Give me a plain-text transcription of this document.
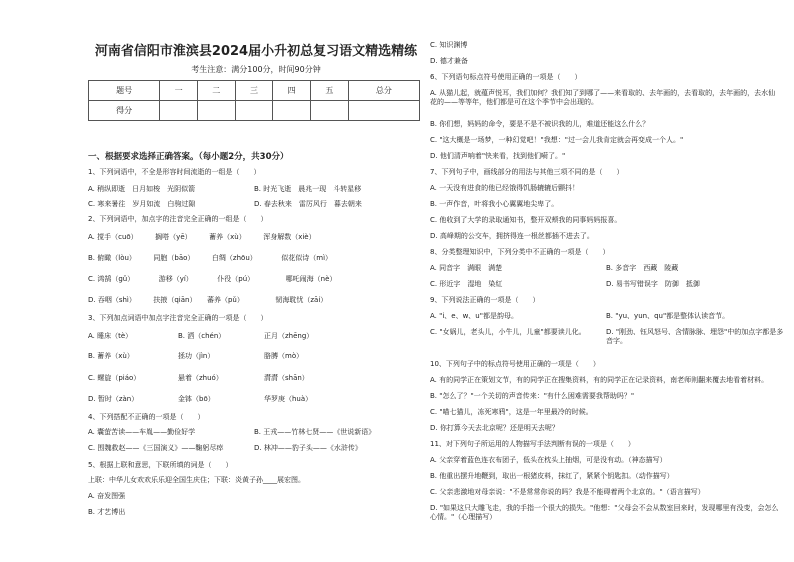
河南省信阳市淮滨县2024届小升初总复习语文精选精练
考生注意：满分100分，时间90分钟
题号	一	二	三	四	五	总分
得分						
一、根据要求选择正确答案。（每小题2分，共30分）
1、下列词语中，不全是形容时间流逝的一组是（　　）
A. 稍纵即逝　日月如梭　光阴似箭	B. 时光飞逝　晨兆一现　斗转星移
C. 寒来暑往　岁月如流　白驹过隙	D. 春去秋来　雷厉风行　暮去朝来
2、下列词语中，加点字的注音完全正确的一组是（　　）
A. 搅手（cuō）　　　搁嗒（yē）　　　蓄养（xù）　　　浑身解数（xiè）
B. 俯瞰（lòu）　　　同胞（bāo）　　　白绸（zhōu）　　　　似花似诗（mì）
C. 鸿鹄（gǔ）　　　　游移（yí）　　　　仆役（pú）　　　　　哪吒闹海（nè）
D. 吞咽（shì）　　　扶掖（qiān）　　蕃养（pǔ）　　　　　韧海耽忧（zāi）
3、下列加点词语中加点字注音完全正确的一项是（　　）
A. 睡床（tè）	B. 洒（chén）	正月（zhēng）
B. 蓄养（xù）	拯功（jìn）	胳膊（mò）
C. 螺旋（piáo）	悬着（zhuó）	潸潸（shān）
D. 暂时（zàn）	金钵（bō）	华罗庚（huà）
4、下列搭配不正确的一项是（　　）
A. 囊萤苦读——车胤——勤俭好学	B. 王戎——竹林七贤——《世说新语》
C. 围魏救赵——《三国演义》——鞠躬尽瘁	D. 林冲——豹子头——《水浒传》
5、根据上联和意思，下联所填的词是（　　）
上联：中华儿女欢欢乐乐迎全国生庆住；下联：炎黄子孙____展宏图。
A. 奋发图强
B. 才艺博出
C. 知识渊博
D. 德才兼备
6、下列语句标点符号使用正确的一项是（　　）
A. 从猫儿起，就蕴声悦耳，我们加何？我们知了到哪了——来看取的、去年画的，去看取的，去年画的，去水仙花的——等等年，他们都是可在这个季节中会出现的。
B. 你们想，妈妈的命令，要是不是不被识我的儿，难道还能这么什么？
C. "这大概是一场梦，一种幻觉吧！"我想："过一会儿我肯定就会再变成一个人。"
D. 他们清声响着"快来看，找到他们嗬了。"
7、下列句子中，画线部分的用法与其他三项不同的是（　　）
A. 一天没有进食的他已经饿得饥肠辘辘后颤抖！
B. 一声作音，叶将我小心翼翼地尖卑了。
C. 他收到了大学的录取通知书，整开双颊我的同事妈妈报喜。
D. 高峰期的公交车，拥挤得连一根丝都插不进去了。
8、分类整理知识中，下列分类中不正确的一项是（　　）
A. 同音字　满眼　满楚	B. 多音字　西藏　陵藏
C. 形近字　湿地　染紅	D. 易书写错误字　防御　抵御
9、下列说法正确的一项是（　　）
A. "i、e、w、u"都是韵母。	B. "yu、yun、qu"都是整体认读音节。
C. "女娲儿，老头儿，小牛儿，儿童"都要读儿化。	D. "刚劲、钰风怒号、含情脉脉、埋怨"中的加点字都是多音字。
10、下列句子中的标点符号使用正确的一项是（　　）
A. 有的同学正在策划文节，有的同学正在搜集资料，有的同学正在记录资料，南老师则翻来覆去地看着材料。
B. "怎么了？"一个关切的声音传来："有什么困难需要我帮助吗？"
C. "喵七猫儿，冻死寒鸦"，这是一年里最冷的时候。
D. 你打算今天去北京呢？还是明天去呢？
11、对下列句子所运用的人物描写手法判断有误的一项是（　　）
A. 父亲穿着蓝色连衣布团子，低头在枕头上抽烟，可是没有动。（神态描写）
B. 他重出摆升地鞭到，取出一根猪皮料，抹红了，紧紧个钥匙扣。（动作描写）
C. 父亲悲激地对母亲说："不是常常你说的吗？我是不能碍着两个北京的。"（语言描写）
D. "如果这只大雕飞走，我的手指一个很大的损失。"他想："父母会不会从数室回来时，发现哪里有没变，会怎么心情。"（心理描写）
